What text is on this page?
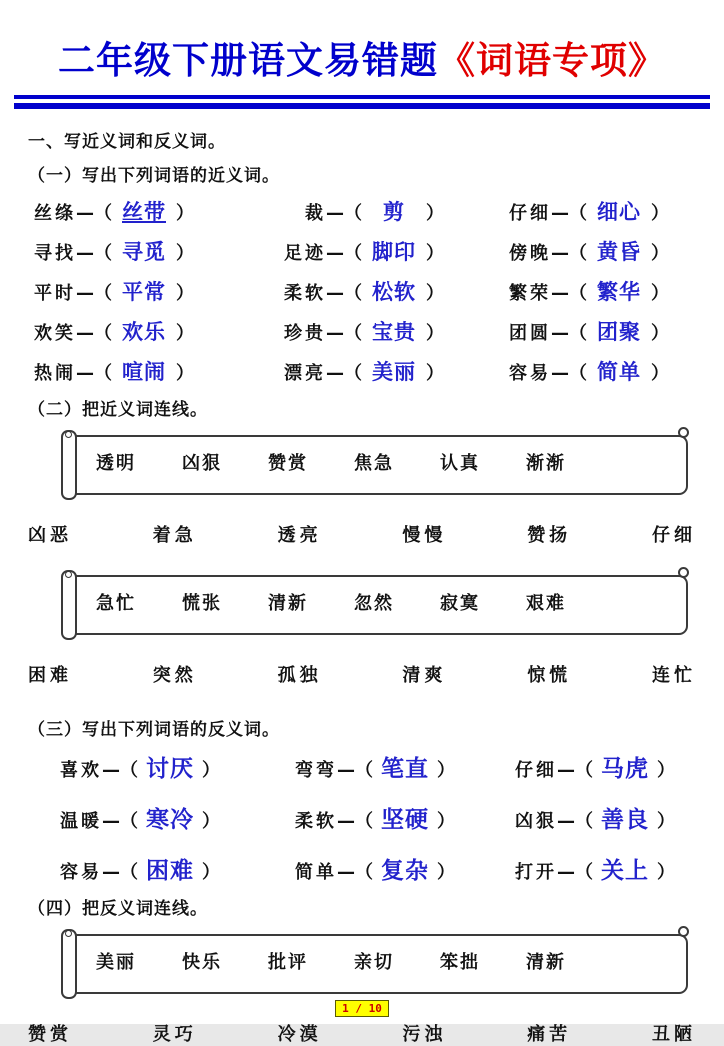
二年级下册语文易错题《词语专项》
一、写近义词和反义词。
（一）写出下列词语的近义词。
丝绦 —（ 丝带 ）	裁 —（	剪	）	仔细 —（ 细心 ）
寻找 —（ 寻觅 ）	足迹 —（ 脚印 ）	傍晚 —（ 黄昏 ）
平时 —（ 平常 ）	柔软 —（ 松软 ）	繁荣 —（ 繁华 ）
欢笑 —（ 欢乐 ）	珍贵 —（ 宝贵 ）	团圆 —（ 团聚 ）
热闹 —（ 喧闹 ）	漂亮 —（ 美丽 ）	容易 —（ 简单 ）
（二）把近义词连线。
透明	凶狠	赞赏	焦急	认真	渐渐
凶恶	着急	透亮	慢慢	赞扬	仔细
急忙	慌张	清新	忽然	寂寞	艰难
困难	突然	孤独	清爽	惊慌	连忙
（三）写出下列词语的反义词。
喜欢 —（ 讨厌 ）	弯弯 —（ 笔直 ）	仔细 —（ 马虎 ）
温暖 —（ 寒冷 ）	柔软 —（ 坚硬 ）	凶狠 —（ 善良 ）
容易 —（ 困难 ）	简单 —（ 复杂 ）	打开 —（ 关上 ）
（四）把反义词连线。
美丽	快乐	批评	亲切	笨拙	清新
赞赏	灵巧	冷漠	污浊	痛苦	丑陋
1 / 10
